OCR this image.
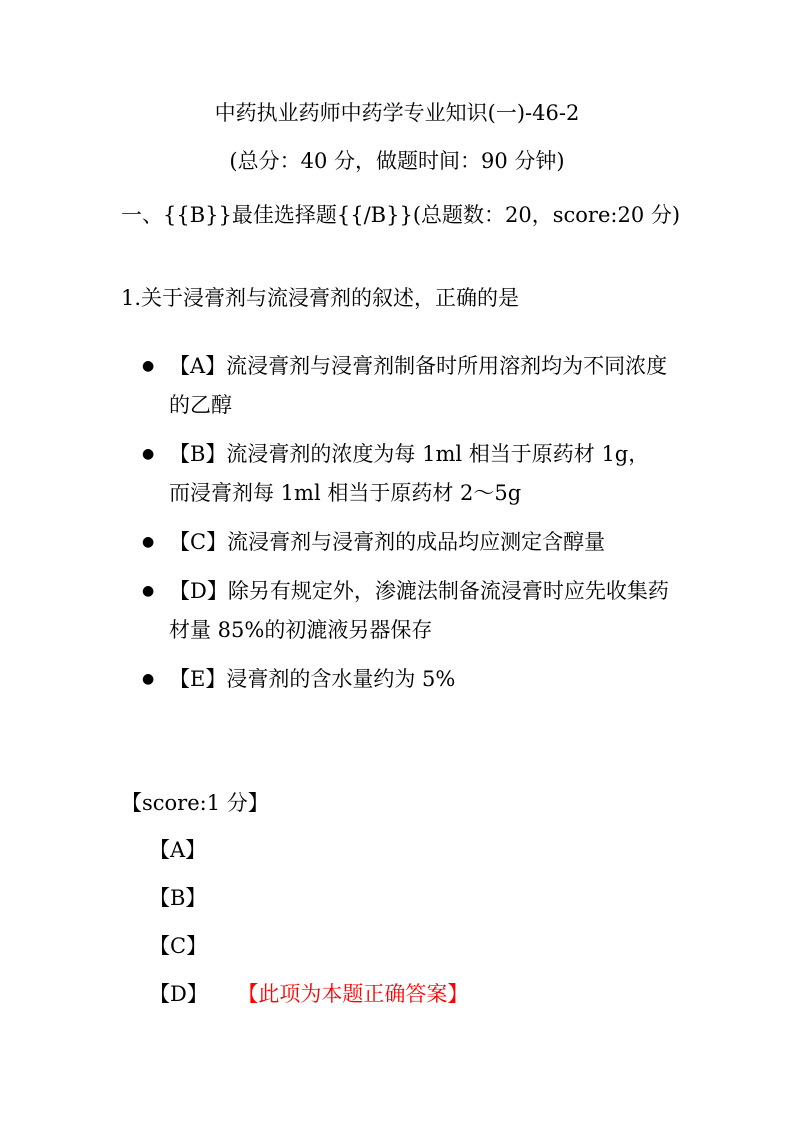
中药执业药师中药学专业知识(一)-46-2
(总分：40 分，做题时间：90 分钟)
一、{{B}}最佳选择题{{/B}}(总题数：20，score:20 分)
1.关于浸膏剂与流浸膏剂的叙述，正确的是
● 【A】流浸膏剂与浸膏剂制备时所用溶剂均为不同浓度的乙醇
● 【B】流浸膏剂的浓度为每 1ml 相当于原药材 1g，而浸膏剂每 1ml 相当于原药材 2～5g
● 【C】流浸膏剂与浸膏剂的成品均应测定含醇量
● 【D】除另有规定外，渗漉法制备流浸膏时应先收集药材量 85%的初漉液另器保存
● 【E】浸膏剂的含水量约为 5%
【score:1 分】
【A】
【B】
【C】
【D】 【此项为本题正确答案】
